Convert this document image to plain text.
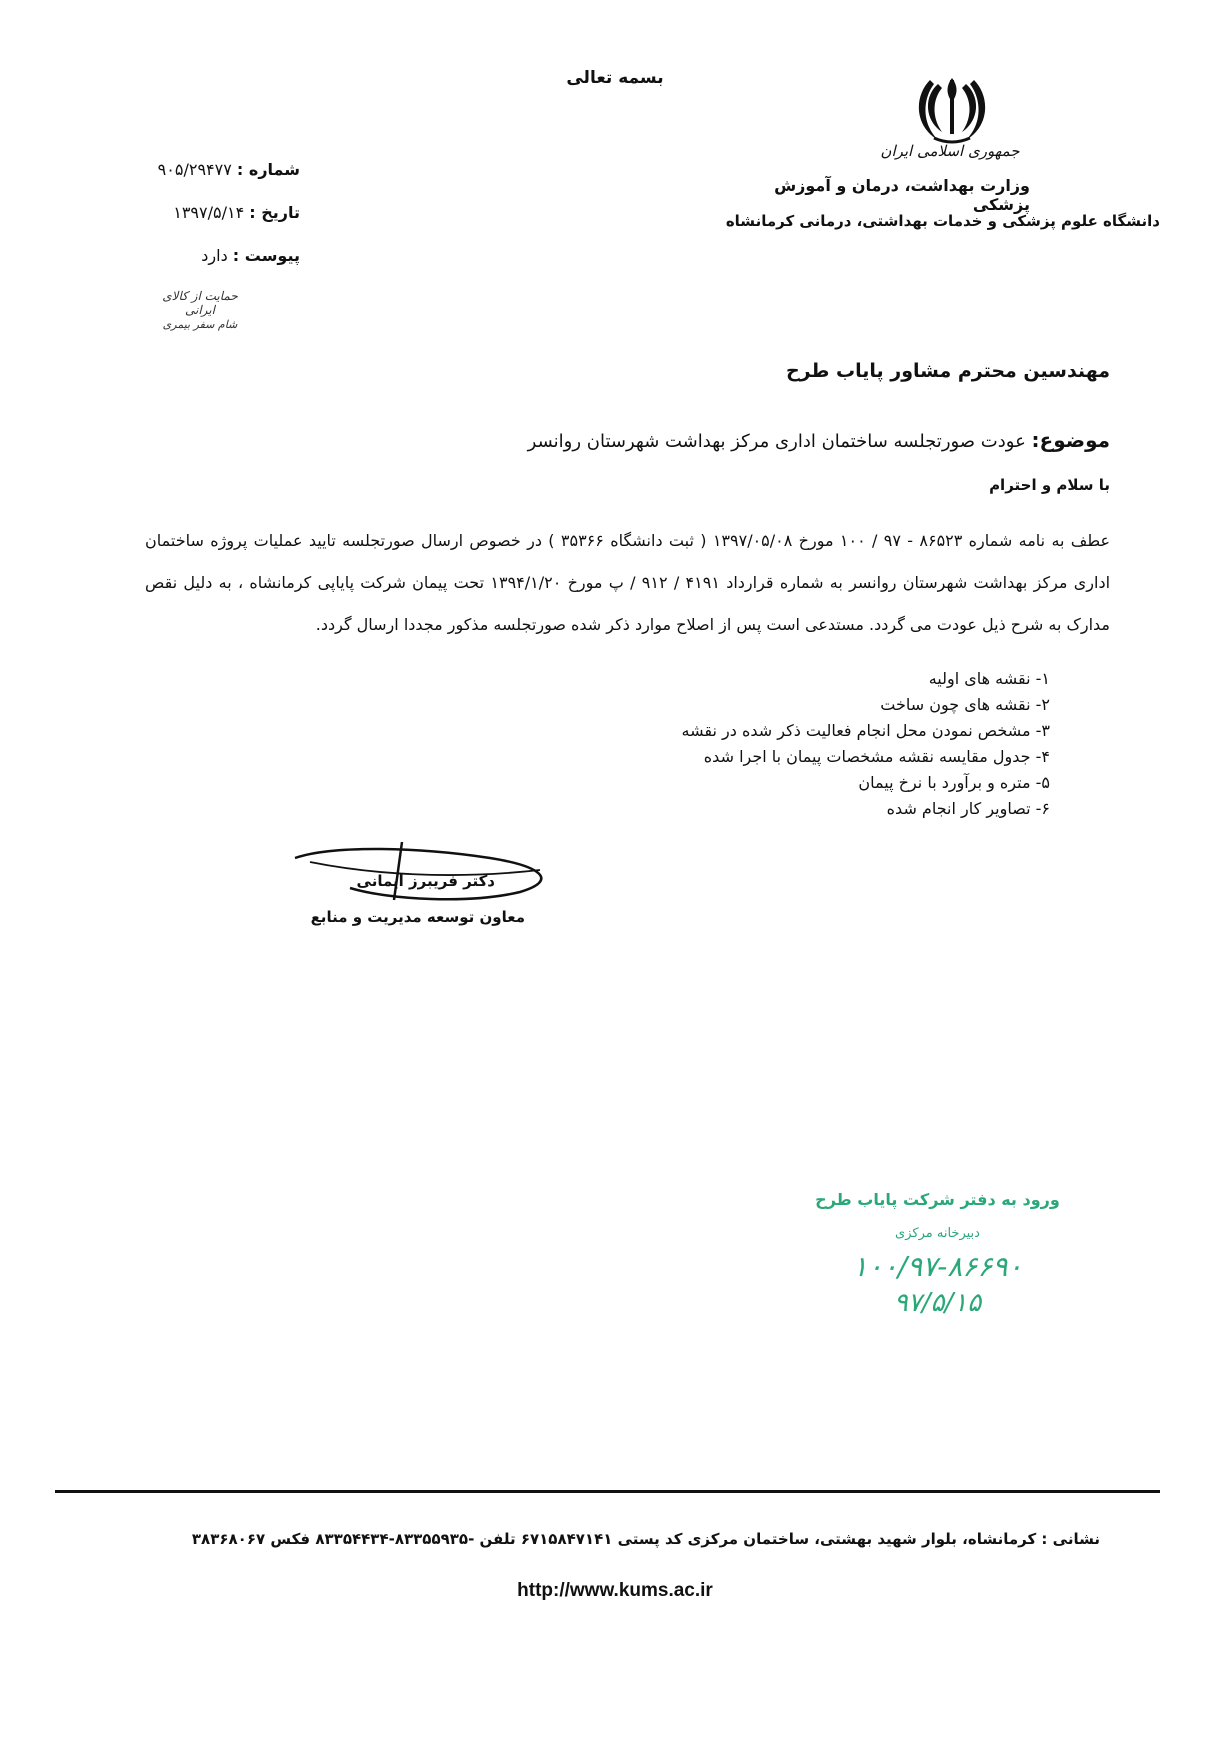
بسمه تعالی
جمهوری اسلامی ایران
وزارت بهداشت، درمان و آموزش پزشکی
دانشگاه علوم پزشکی و خدمات بهداشتی، درمانی کرمانشاه
شماره : ۹۰۵/۲۹۴۷۷
تاریخ : ۱۳۹۷/۵/۱۴
پیوست : دارد
حمایت از کالای ایرانی
شام سفر بیمری
مهندسین محترم مشاور پایاب طرح
موضوع: عودت صورتجلسه ساختمان اداری مرکز بهداشت شهرستان روانسر
با سلام و احترام
عطف به نامه شماره ۸۶۵۲۳ - ۹۷ / ۱۰۰ مورخ ۱۳۹۷/۰۵/۰۸ ( ثبت دانشگاه ۳۵۳۶۶ ) در خصوص ارسال صورتجلسه تایید عملیات پروژه ساختمان اداری مرکز بهداشت شهرستان روانسر به شماره قرارداد ۴۱۹۱ / ۹۱۲ / پ مورخ ۱۳۹۴/۱/۲۰ تحت پیمان شرکت پایاپی کرمانشاه ، به دلیل نقص مدارک به شرح ذیل عودت می گردد. مستدعی است پس از اصلاح موارد ذکر شده صورتجلسه مذکور مجددا ارسال گردد.
۱- نقشه های اولیه
۲- نقشه های چون ساخت
۳- مشخص نمودن محل انجام فعالیت ذکر شده در نقشه
۴- جدول مقایسه نقشه مشخصات پیمان با اجرا شده
۵- متره و برآورد با نرخ پیمان
۶- تصاویر کار انجام شده
دکتر فریبرز ایمانی
معاون توسعه مدیریت و منابع
ورود به دفتر شرکت پایاب طرح
دبیرخانه مرکزی
۱۰۰/۹۷-۸۶۶۹۰
۹۷/۵/۱۵
نشانی : کرمانشاه، بلوار شهید بهشتی، ساختمان مرکزی کد پستی ۶۷۱۵۸۴۷۱۴۱ تلفن -۸۳۳۵۵۹۳۵-۸۳۳۵۴۴۳۴ فکس ۳۸۳۶۸۰۶۷
http://www.kums.ac.ir
